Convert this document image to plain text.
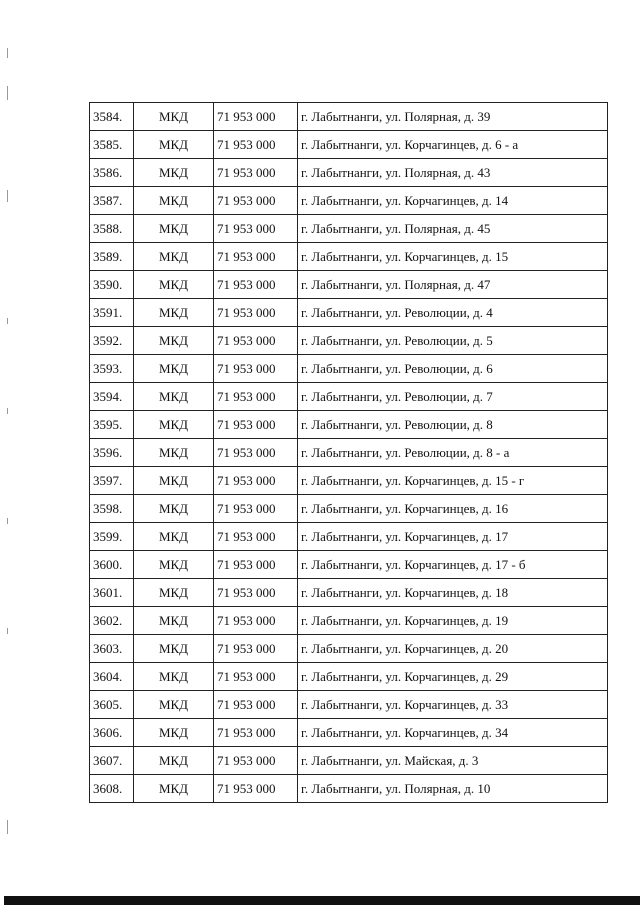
3584.	МКД	71 953 000	г. Лабытнанги, ул. Полярная, д. 39
3585.	МКД	71 953 000	г. Лабытнанги, ул. Корчагинцев, д. 6 - а
3586.	МКД	71 953 000	г. Лабытнанги, ул. Полярная, д. 43
3587.	МКД	71 953 000	г. Лабытнанги, ул. Корчагинцев, д. 14
3588.	МКД	71 953 000	г. Лабытнанги, ул. Полярная, д. 45
3589.	МКД	71 953 000	г. Лабытнанги, ул. Корчагинцев, д. 15
3590.	МКД	71 953 000	г. Лабытнанги, ул. Полярная, д. 47
3591.	МКД	71 953 000	г. Лабытнанги, ул. Революции, д. 4
3592.	МКД	71 953 000	г. Лабытнанги, ул. Революции, д. 5
3593.	МКД	71 953 000	г. Лабытнанги, ул. Революции, д. 6
3594.	МКД	71 953 000	г. Лабытнанги, ул. Революции, д. 7
3595.	МКД	71 953 000	г. Лабытнанги, ул. Революции, д. 8
3596.	МКД	71 953 000	г. Лабытнанги, ул. Революции, д. 8 - а
3597.	МКД	71 953 000	г. Лабытнанги, ул. Корчагинцев, д. 15 - г
3598.	МКД	71 953 000	г. Лабытнанги, ул. Корчагинцев, д. 16
3599.	МКД	71 953 000	г. Лабытнанги, ул. Корчагинцев, д. 17
3600.	МКД	71 953 000	г. Лабытнанги, ул. Корчагинцев, д. 17 - б
3601.	МКД	71 953 000	г. Лабытнанги, ул. Корчагинцев, д. 18
3602.	МКД	71 953 000	г. Лабытнанги, ул. Корчагинцев, д. 19
3603.	МКД	71 953 000	г. Лабытнанги, ул. Корчагинцев, д. 20
3604.	МКД	71 953 000	г. Лабытнанги, ул. Корчагинцев, д. 29
3605.	МКД	71 953 000	г. Лабытнанги, ул. Корчагинцев, д. 33
3606.	МКД	71 953 000	г. Лабытнанги, ул. Корчагинцев, д. 34
3607.	МКД	71 953 000	г. Лабытнанги, ул. Майская, д. 3
3608.	МКД	71 953 000	г. Лабытнанги, ул. Полярная, д. 10
